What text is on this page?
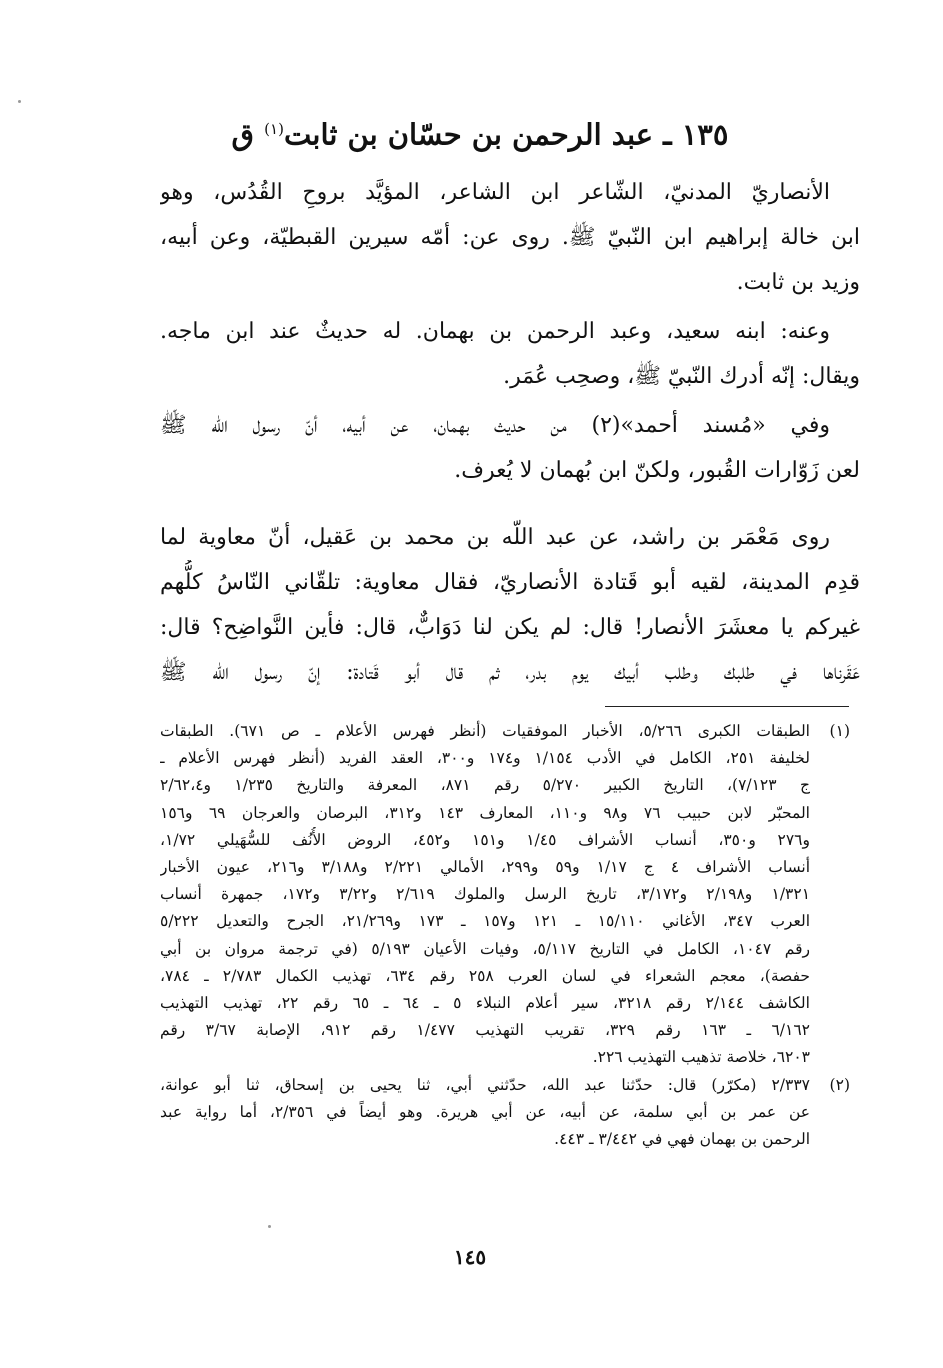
١٣٥ ـ عبد الرحمن بن حسّان بن ثابت$^{(١)}$ ق

الأنصاريّ المدنيّ، الشّاعر ابن الشاعر، المؤيَّد بروحِ القُدُس، وهو
ابن خالة إبراهيم ابن النّبيّ ﷺ. روى عن: أمّه سيرين القبطيّة، وعن أبيه،
وزيد بن ثابت.

وعنه: ابنه سعيد، وعبد الرحمن بن بهمان. له حديثٌ عند ابن ماجه.
ويقال: إنّه أدرك النّبيّ ﷺ، وصحِب عُمَر.

وفي «مُسند أحمد»(٢) من حديث بهمان، عن أبيه، أنّ رسول اللّه ﷺ
لعن زَوّارات القُبور، ولكنّ ابن بُهمان لا يُعرف.

روى مَعْمَر بن راشد، عن عبد اللّه بن محمد بن عَقيل، أنّ معاوية لما
قدِم المدينة، لقيه أبو قَتادة الأنصاريّ، فقال معاوية: تلقّاني النّاسُ كلُّهم
غيركم يا معشَرَ الأنصار! قال: لم يكن لنا دَوَابٌّ، قال: فأين النَّواضِح؟ قال:
عَقَرناها في طلبك وطلب أبيك يوم بدر، ثم قال أبو قَتادة: إنّ رسول اللّه ﷺ

(١)
الطبقات الكبرى ٥/٢٦٦، الأخبار الموفقيات (أنظر فهرس الأعلام ـ ص ٦٧١). الطبقات
لخليفة ٢٥١، الكامل في الأدب ١/١٥٤ و١٧٤ و٣٠٠، العقد الفريد (أنظر فهرس الأعلام ـ
ج ٧/١٢٣)، التاريخ الكبير ٥/٢٧٠ رقم ٨٧١، المعرفة والتاريخ ١/٢٣٥ و٢/٦٢،٤
المحبّر لابن حبيب ٧٦ و٩٨ و١١٠، المعارف ١٤٣ و٣١٢، البرصان والعرجان ٦٩ و١٥٦
و٢٧٦ و٣٥٠، أنساب الأشراف ١/٤٥ و١٥١ و٤٥٢، الروض الأُنُف للسُّهَيلي ١/٧٢،
أنساب الأشراف ٤ ج ١/١٧ و٥٩ و٢٩٩، الأمالي ٢/٢٢١ و٣/١٨٨ و٢١٦، عيون الأخبار
١/٣٢١ و٢/١٩٨ و٣/١٧٢، تاريخ الرسل والملوك ٢/٦١٩ و٣/٢٢ و١٧٢، جمهرة أنساب
العرب ٣٤٧، الأغاني ١٥/١١٠ ـ ١٢١ و١٥٧ ـ ١٧٣ و٢١/٢٦٩، الجرح والتعديل ٥/٢٢٢
رقم ١٠٤٧، الكامل في التاريخ ٥/١١٧، وفيات الأعيان ٥/١٩٣ (في ترجمة مروان بن أبي
حفصة)، معجم الشعراء في لسان العرب ٢٥٨ رقم ٦٣٤، تهذيب الكمال ٢/٧٨٣ ـ ٧٨٤،
الكاشف ٢/١٤٤ رقم ٣٢١٨، سير أعلام النبلاء ٥ ـ ٦٤ ـ ٦٥ رقم ٢٢، تهذيب التهذيب
٦/١٦٢ ـ ١٦٣ رقم ٣٢٩، تقريب التهذيب ١/٤٧٧ رقم ٩١٢، الإصابة ٣/٦٧ رقم
٦٢٠٣، خلاصة تذهيب التهذيب ٢٢٦.
(٢)
٢/٣٣٧ (مكرّر) قال: حدّثنا عبد الله، حدّثني أبي، ثنا يحيى بن إسحاق، ثنا أبو عوانة،
عن عمر بن أبي سلمة، عن أبيه، عن أبي هريرة. وهو أيضاً في ٢/٣٥٦، أما رواية عبد
الرحمن بن بهمان فهي في ٣/٤٤٢ ـ ٤٤٣.
١٤٥
